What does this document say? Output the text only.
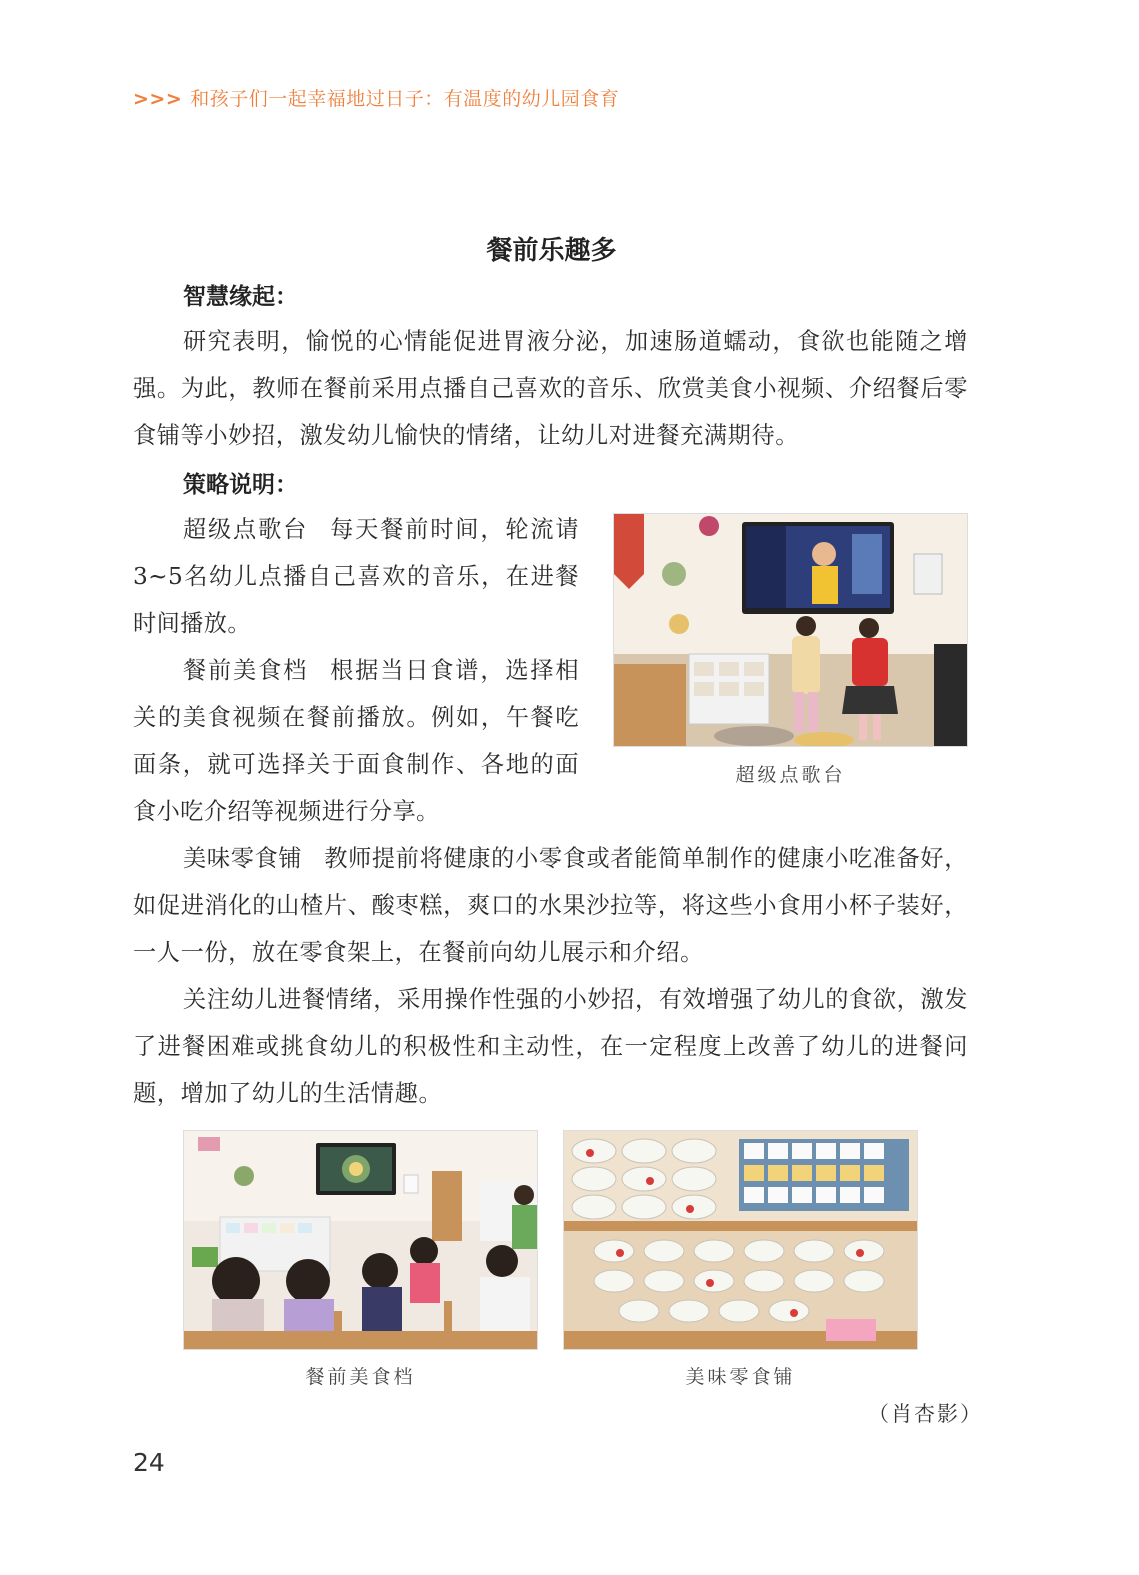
>>> 和孩子们一起幸福地过日子：有温度的幼儿园食育
餐前乐趣多
智慧缘起：

研究表明，愉悦的心情能促进胃液分泌，加速肠道蠕动，食欲也能随之增强。为此，教师在餐前采用点播自己喜欢的音乐、欣赏美食小视频、介绍餐后零食铺等小妙招，激发幼儿愉快的情绪，让幼儿对进餐充满期待。

策略说明：

超级点歌台 每天餐前时间，轮流请3~5名幼儿点播自己喜欢的音乐，在进餐时间播放。

餐前美食档 根据当日食谱，选择相关的美食视频在餐前播放。例如，午餐吃面条，就可选择关于面食制作、各地的面食小吃介绍等视频进行分享。

美味零食铺 教师提前将健康的小零食或者能简单制作的健康小吃准备好，如促进消化的山楂片、酸枣糕，爽口的水果沙拉等，将这些小食用小杯子装好，一人一份，放在零食架上，在餐前向幼儿展示和介绍。

关注幼儿进餐情绪，采用操作性强的小妙招，有效增强了幼儿的食欲，激发了进餐困难或挑食幼儿的积极性和主动性，在一定程度上改善了幼儿的进餐问题，增加了幼儿的生活情趣。

超级点歌台
餐前美食档	美味零食铺
（肖杏影）
24
